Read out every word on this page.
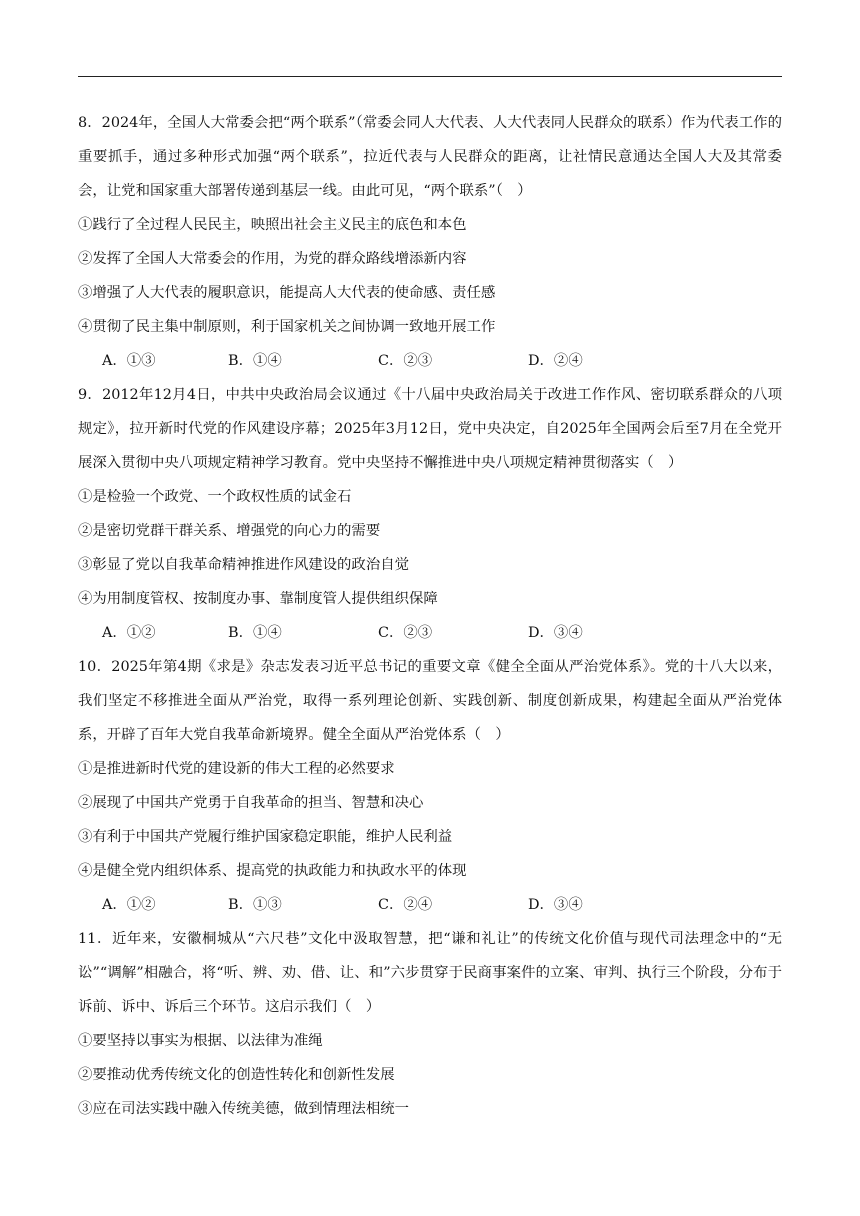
8．2024年，全国人大常委会把“两个联系”（常委会同人大代表、人大代表同人民群众的联系）作为代表工作的重要抓手，通过多种形式加强“两个联系”，拉近代表与人民群众的距离，让社情民意通达全国人大及其常委会，让党和国家重大部署传递到基层一线。由此可见，“两个联系”（　）

①践行了全过程人民民主，映照出社会主义民主的底色和本色

②发挥了全国人大常委会的作用，为党的群众路线增添新内容

③增强了人大代表的履职意识，能提高人大代表的使命感、责任感

④贯彻了民主集中制原则，利于国家机关之间协调一致地开展工作

A．①③	B．①④	C．②③	D．②④

9．2012年12月4日，中共中央政治局会议通过《十八届中央政治局关于改进工作作风、密切联系群众的八项规定》，拉开新时代党的作风建设序幕；2025年3月12日，党中央决定，自2025年全国两会后至7月在全党开展深入贯彻中央八项规定精神学习教育。党中央坚持不懈推进中央八项规定精神贯彻落实（　）

①是检验一个政党、一个政权性质的试金石

②是密切党群干群关系、增强党的向心力的需要

③彰显了党以自我革命精神推进作风建设的政治自觉

④为用制度管权、按制度办事、靠制度管人提供组织保障

A．①②	B．①④	C．②③	D．③④

10．2025年第4期《求是》杂志发表习近平总书记的重要文章《健全全面从严治党体系》。党的十八大以来，我们坚定不移推进全面从严治党，取得一系列理论创新、实践创新、制度创新成果，构建起全面从严治党体系，开辟了百年大党自我革命新境界。健全全面从严治党体系（　）

①是推进新时代党的建设新的伟大工程的必然要求

②展现了中国共产党勇于自我革命的担当、智慧和决心

③有利于中国共产党履行维护国家稳定职能，维护人民利益

④是健全党内组织体系、提高党的执政能力和执政水平的体现

A．①②	B．①③	C．②④	D．③④

11．近年来，安徽桐城从“六尺巷”文化中汲取智慧，把“谦和礼让”的传统文化价值与现代司法理念中的“无讼”“调解”相融合，将“听、辨、劝、借、让、和”六步贯穿于民商事案件的立案、审判、执行三个阶段，分布于诉前、诉中、诉后三个环节。这启示我们（　）

①要坚持以事实为根据、以法律为准绳

②要推动优秀传统文化的创造性转化和创新性发展

③应在司法实践中融入传统美德，做到情理法相统一
